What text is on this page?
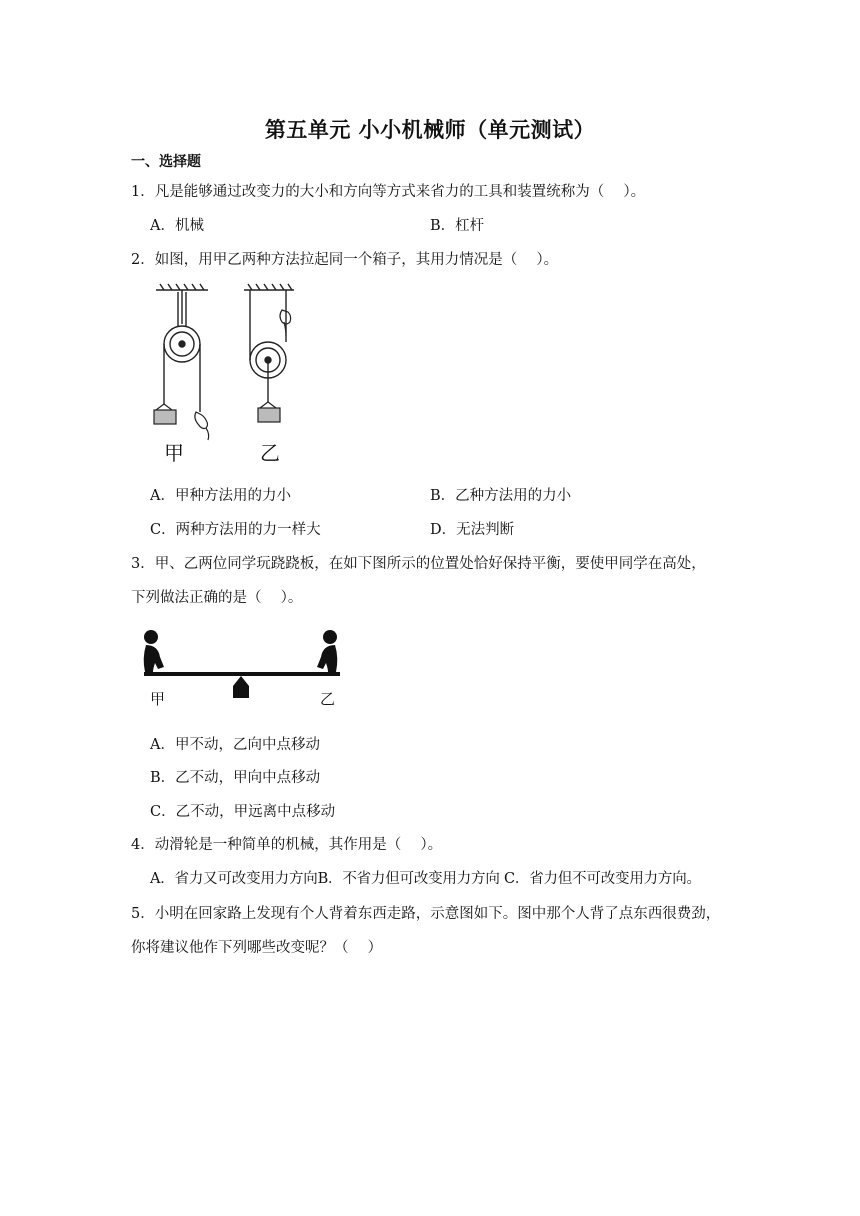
第五单元 小小机械师（单元测试）
一、选择题
1．凡是能够通过改变力的大小和方向等方式来省力的工具和装置统称为（　 ）。
A．机械	B．杠杆
2．如图，用甲乙两种方法拉起同一个箱子，其用力情况是（　 ）。
甲	乙
A．甲种方法用的力小	B．乙种方法用的力小
C．两种方法用的力一样大	D．无法判断
3．甲、乙两位同学玩跷跷板，在如下图所示的位置处恰好保持平衡，要使甲同学在高处，
下列做法正确的是（　 ）。
甲	乙
A．甲不动，乙向中点移动
B．乙不动，甲向中点移动
C．乙不动，甲远离中点移动
4．动滑轮是一种简单的机械，其作用是（　 ）。
A．省力又可改变用力方向B．不省力但可改变用力方向 C．省力但不可改变用力方向。
5．小明在回家路上发现有个人背着东西走路，示意图如下。图中那个人背了点东西很费劲，
你将建议他作下列哪些改变呢？（　 ）
